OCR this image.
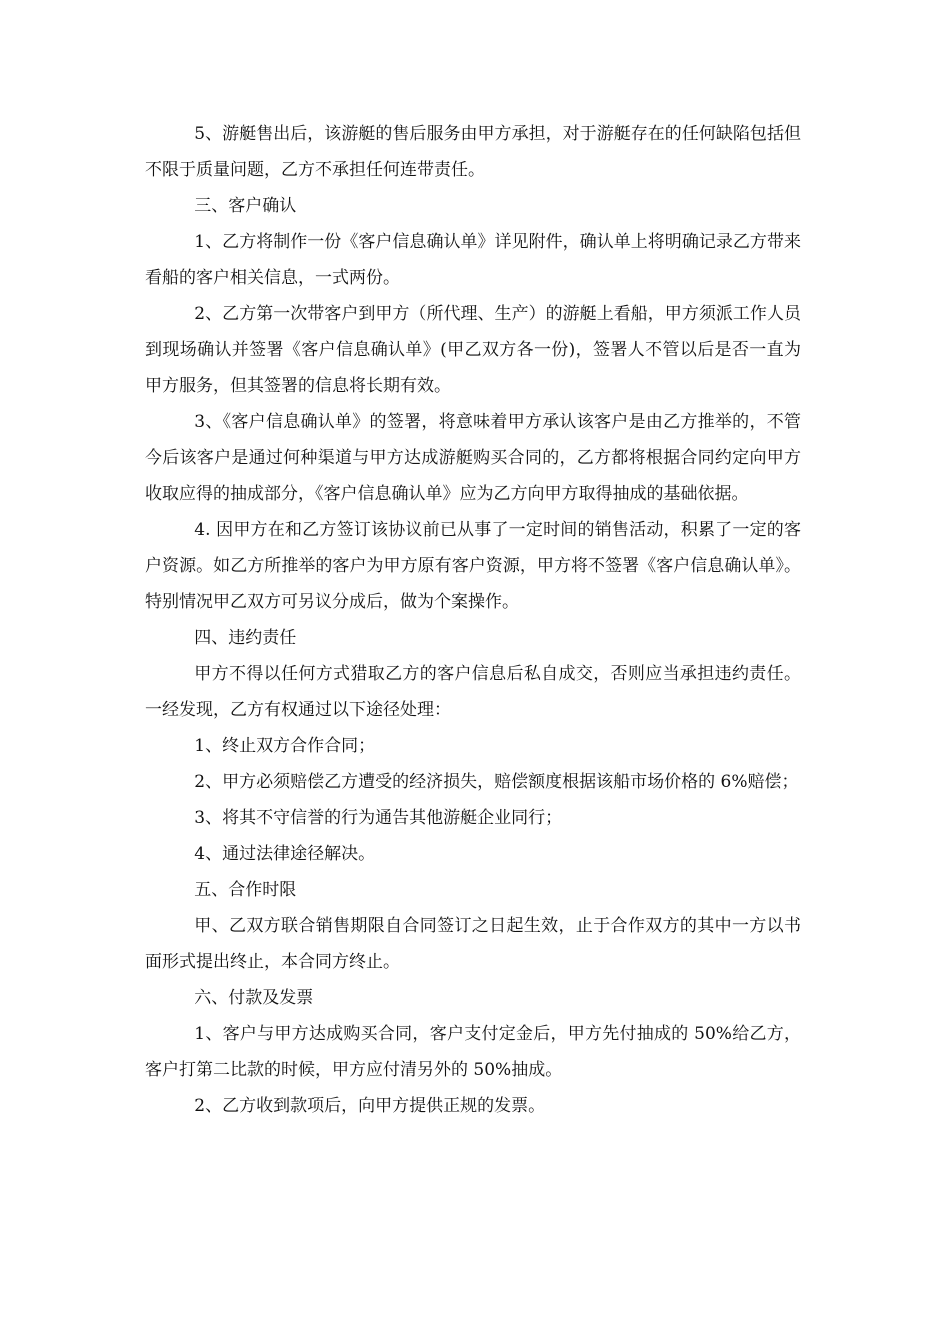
5、游艇售出后，该游艇的售后服务由甲方承担，对于游艇存在的任何缺陷包括但不限于质量问题，乙方不承担任何连带责任。

三、客户确认

1、乙方将制作一份《客户信息确认单》详见附件，确认单上将明确记录乙方带来看船的客户相关信息，一式两份。

2、乙方第一次带客户到甲方（所代理、生产）的游艇上看船，甲方须派工作人员 到现场确认并签署《客户信息确认单》(甲乙双方各一份)，签署人不管以后是否一直为甲方服务，但其签署的信息将长期有效。

3、《客户信息确认单》的签署，将意味着甲方承认该客户是由乙方推举的，不管今后该客户是通过何种渠道与甲方达成游艇购买合同的，乙方都将根据合同约定向甲方收取应得的抽成部分，《客户信息确认单》应为乙方向甲方取得抽成的基础依据。

4. 因甲方在和乙方签订该协议前已从事了一定时间的销售活动，积累了一定的客户资源。如乙方所推举的客户为甲方原有客户资源，甲方将不签署《客户信息确认单》。特别情况甲乙双方可另议分成后，做为个案操作。

四、违约责任

甲方不得以任何方式猎取乙方的客户信息后私自成交，否则应当承担违约责任。一经发现，乙方有权通过以下途径处理：

1、终止双方合作合同；

2、甲方必须赔偿乙方遭受的经济损失，赔偿额度根据该船市场价格的 6%赔偿；

3、将其不守信誉的行为通告其他游艇企业同行；

4、通过法律途径解决。

五、合作时限

甲、乙双方联合销售期限自合同签订之日起生效，止于合作双方的其中一方以书面形式提出终止，本合同方终止。

六、付款及发票

1、客户与甲方达成购买合同，客户支付定金后，甲方先付抽成的 50%给乙方，客户打第二比款的时候，甲方应付清另外的 50%抽成。

2、乙方收到款项后，向甲方提供正规的发票。
